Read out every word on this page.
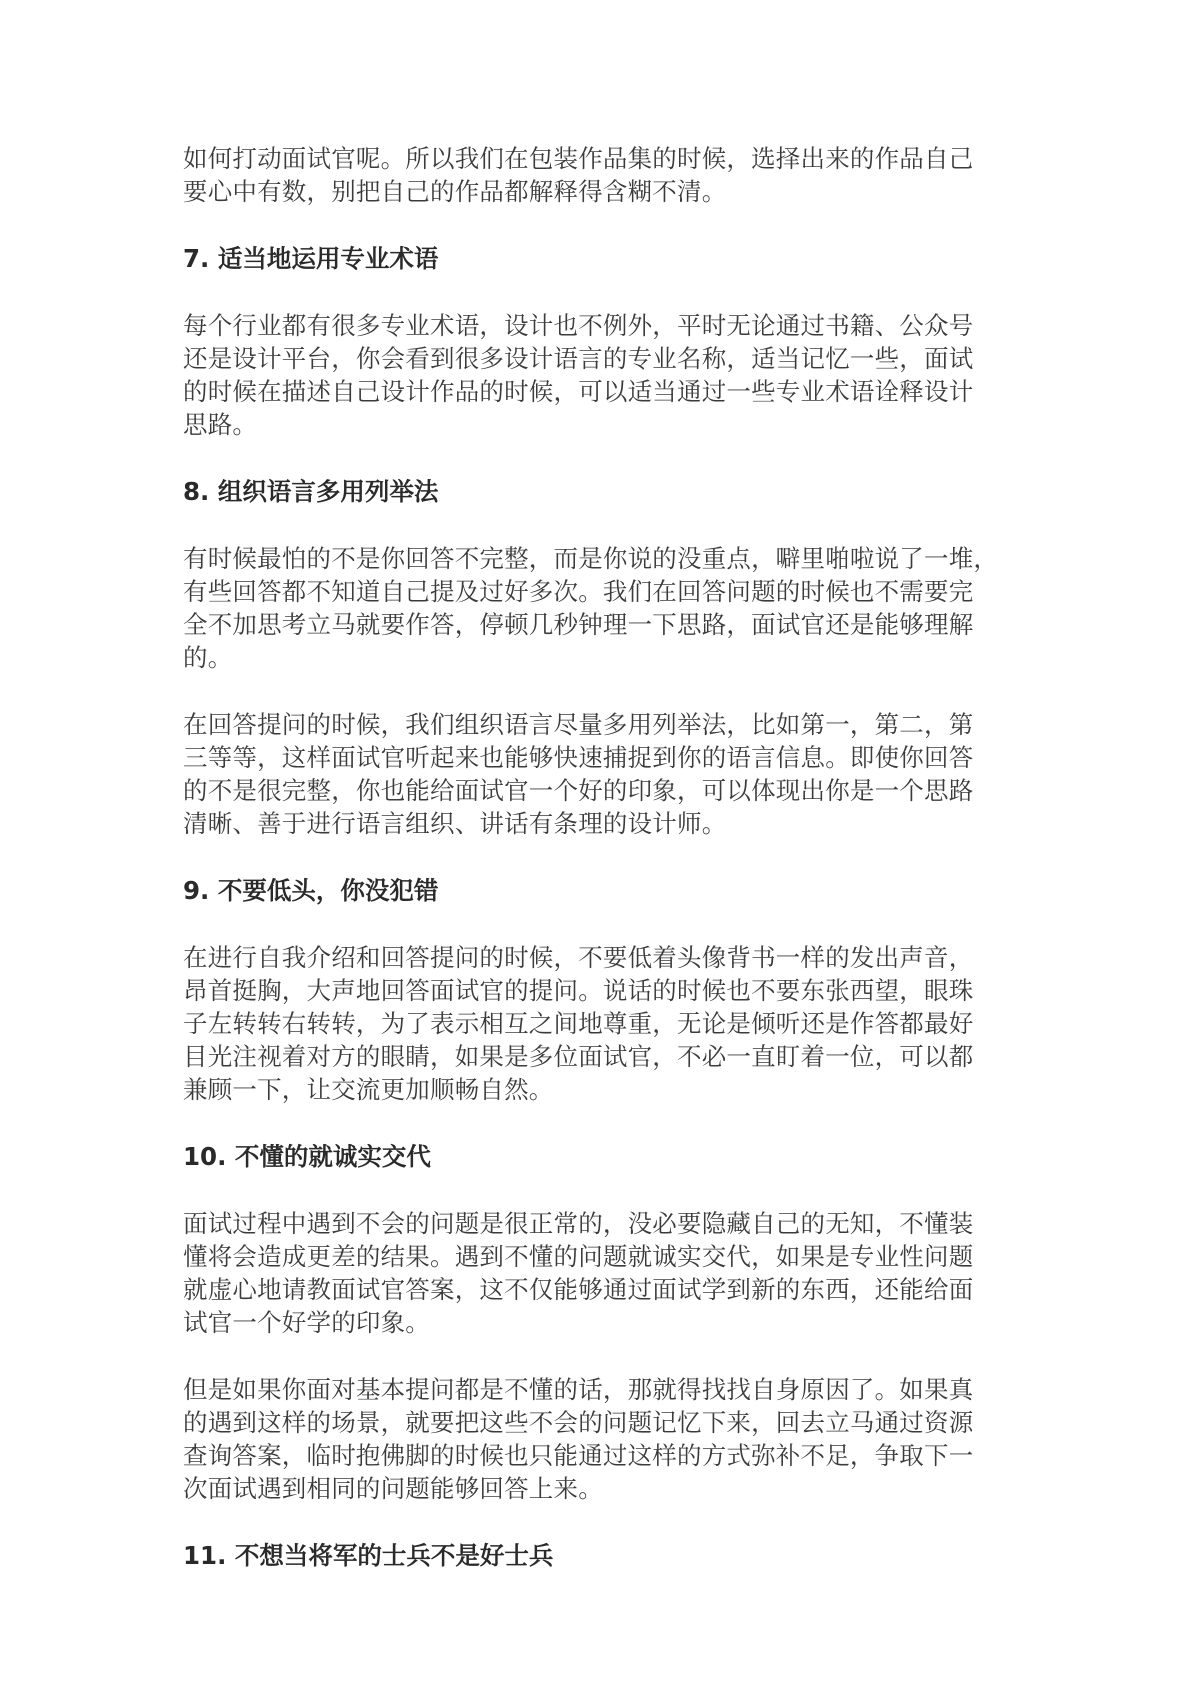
如何打动面试官呢。所以我们在包装作品集的时候，选择出来的作品自己
要心中有数，别把自己的作品都解释得含糊不清。
7. 适当地运用专业术语
每个行业都有很多专业术语，设计也不例外，平时无论通过书籍、公众号
还是设计平台，你会看到很多设计语言的专业名称，适当记忆一些，面试
的时候在描述自己设计作品的时候，可以适当通过一些专业术语诠释设计
思路。
8. 组织语言多用列举法
有时候最怕的不是你回答不完整，而是你说的没重点，噼里啪啦说了一堆，
有些回答都不知道自己提及过好多次。我们在回答问题的时候也不需要完
全不加思考立马就要作答，停顿几秒钟理一下思路，面试官还是能够理解
的。
在回答提问的时候，我们组织语言尽量多用列举法，比如第一，第二，第
三等等，这样面试官听起来也能够快速捕捉到你的语言信息。即使你回答
的不是很完整，你也能给面试官一个好的印象，可以体现出你是一个思路
清晰、善于进行语言组织、讲话有条理的设计师。
9. 不要低头，你没犯错
在进行自我介绍和回答提问的时候，不要低着头像背书一样的发出声音，
昂首挺胸，大声地回答面试官的提问。说话的时候也不要东张西望，眼珠
子左转转右转转，为了表示相互之间地尊重，无论是倾听还是作答都最好
目光注视着对方的眼睛，如果是多位面试官，不必一直盯着一位，可以都
兼顾一下，让交流更加顺畅自然。
10. 不懂的就诚实交代
面试过程中遇到不会的问题是很正常的，没必要隐藏自己的无知，不懂装
懂将会造成更差的结果。遇到不懂的问题就诚实交代，如果是专业性问题
就虚心地请教面试官答案，这不仅能够通过面试学到新的东西，还能给面
试官一个好学的印象。
但是如果你面对基本提问都是不懂的话，那就得找找自身原因了。如果真
的遇到这样的场景，就要把这些不会的问题记忆下来，回去立马通过资源
查询答案，临时抱佛脚的时候也只能通过这样的方式弥补不足，争取下一
次面试遇到相同的问题能够回答上来。
11. 不想当将军的士兵不是好士兵
